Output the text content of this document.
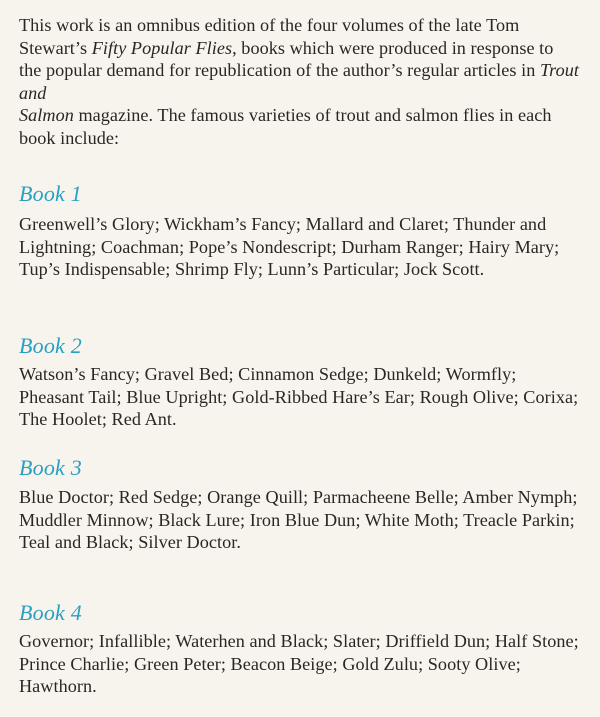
This work is an omnibus edition of the four volumes of the late Tom Stewart’s Fifty Popular Flies, books which were produced in response to the popular demand for republication of the author’s regular articles in Trout and
Salmon magazine. The famous varieties of trout and salmon flies in each book include:

Book 1

Greenwell’s Glory; Wickham’s Fancy; Mallard and Claret; Thunder and Lightning; Coachman; Pope’s Nondescript; Durham Ranger; Hairy Mary; Tup’s Indispensable; Shrimp Fly; Lunn’s Particular; Jock Scott.

Book 2

Watson’s Fancy; Gravel Bed; Cinnamon Sedge; Dunkeld; Wormfly; Pheasant Tail; Blue Upright; Gold-Ribbed Hare’s Ear; Rough Olive; Corixa; The Hoolet; Red Ant.

Book 3

Blue Doctor; Red Sedge; Orange Quill; Parmacheene Belle; Amber Nymph; Muddler Minnow; Black Lure; Iron Blue Dun; White Moth; Treacle Parkin; Teal and Black; Silver Doctor.

Book 4

Governor; Infallible; Waterhen and Black; Slater; Driffield Dun; Half Stone; Prince Charlie; Green Peter; Beacon Beige; Gold Zulu; Sooty Olive; Hawthorn.
